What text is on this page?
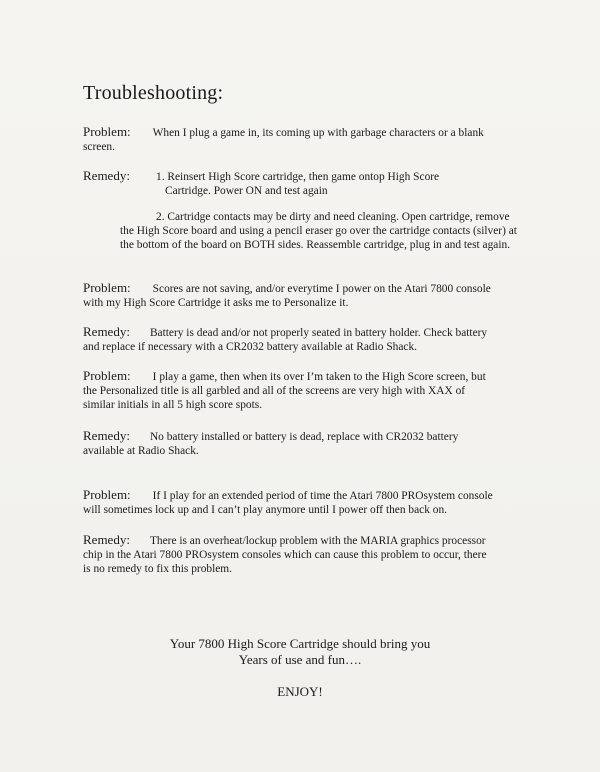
Troubleshooting:
Problem: When I plug a game in, its coming up with garbage characters or a blank
screen.
Remedy: 1. Reinsert High Score cartridge, then game ontop High Score
Cartridge. Power ON and test again
2. Cartridge contacts may be dirty and need cleaning. Open cartridge, remove the High Score board and using a pencil eraser go over the cartridge contacts (silver) at the bottom of the board on BOTH sides. Reassemble cartridge, plug in and test again.
Problem: Scores are not saving, and/or everytime I power on the Atari 7800 console
with my High Score Cartridge it asks me to Personalize it.
Remedy: Battery is dead and/or not properly seated in battery holder. Check battery
and replace if necessary with a CR2032 battery available at Radio Shack.
Problem: I play a game, then when its over I’m taken to the High Score screen, but
the Personalized title is all garbled and all of the screens are very high with XAX of
similar initials in all 5 high score spots.
Remedy: No battery installed or battery is dead, replace with CR2032 battery
available at Radio Shack.
Problem: If I play for an extended period of time the Atari 7800 PROsystem console
will sometimes lock up and I can’t play anymore until I power off then back on.
Remedy: There is an overheat/lockup problem with the MARIA graphics processor
chip in the Atari 7800 PROsystem consoles which can cause this problem to occur, there
is no remedy to fix this problem.
Your 7800 High Score Cartridge should bring you
Years of use and fun….
ENJOY!
